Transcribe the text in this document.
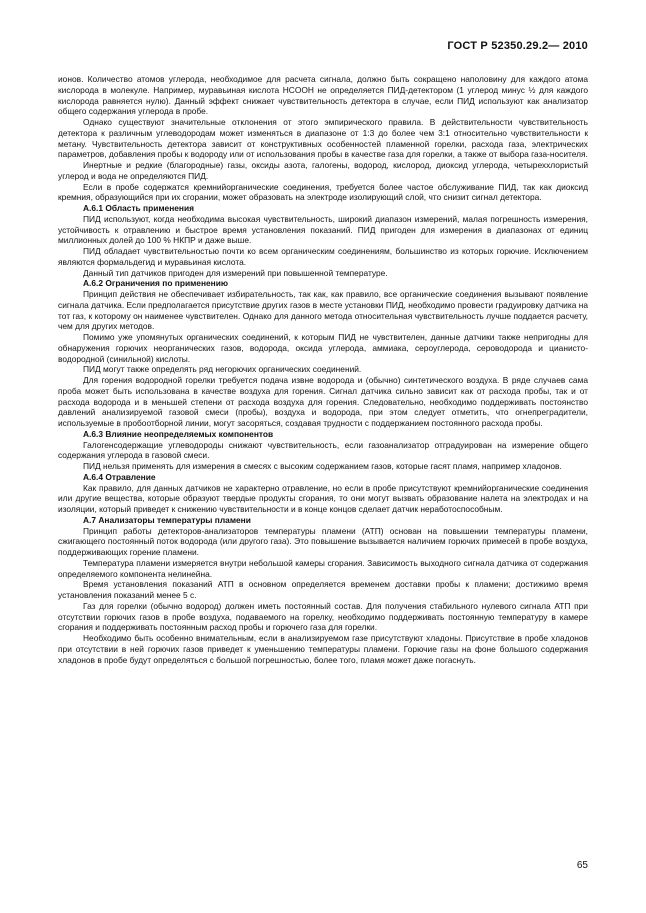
ГОСТ Р 52350.29.2— 2010

ионов. Количество атомов углерода, необходимое для расчета сигнала, должно быть сокращено наполовину для каждого атома кислорода в молекуле. Например, муравьиная кислота HCOOH не определяется ПИД-детектором (1 углерод минус ½ для каждого кислорода равняется нулю). Данный эффект снижает чувствительность детектора в случае, если ПИД используют как анализатор общего содержания углерода в пробе.

Однако существуют значительные отклонения от этого эмпирического правила. В действительности чувствительность детектора к различным углеводородам может изменяться в диапазоне от 1:3 до более чем 3:1 относительно чувствительности к метану. Чувствительность детектора зависит от конструктивных особенностей пламенной горелки, расхода газа, электрических параметров, добавления пробы к водороду или от использования пробы в качестве газа для горелки, а также от выбора газа-носителя.

Инертные и редкие (благородные) газы, оксиды азота, галогены, водород, кислород, диоксид углерода, четыреххлористый углерод и вода не определяются ПИД.

Если в пробе содержатся кремнийорганические соединения, требуется более частое обслуживание ПИД, так как диоксид кремния, образующийся при их сгорании, может образовать на электроде изолирующий слой, что снизит сигнал детектора.

А.6.1 Область применения

ПИД используют, когда необходима высокая чувствительность, широкий диапазон измерений, малая погрешность измерения, устойчивость к отравлению и быстрое время установления показаний. ПИД пригоден для измерения в диапазонах от единиц миллионных долей до 100 % НКПР и даже выше.

ПИД обладает чувствительностью почти ко всем органическим соединениям, большинство из которых горючие. Исключением являются формальдегид и муравьиная кислота.

Данный тип датчиков пригоден для измерений при повышенной температуре.

А.6.2 Ограничения по применению

Принцип действия не обеспечивает избирательность, так как, как правило, все органические соединения вызывают появление сигнала датчика. Если предполагается присутствие других газов в месте установки ПИД, необходимо провести градуировку датчика на тот газ, к которому он наименее чувствителен. Однако для данного метода относительная чувствительность лучше поддается расчету, чем для других методов.

Помимо уже упомянутых органических соединений, к которым ПИД не чувствителен, данные датчики также непригодны для обнаружения горючих неорганических газов, водорода, оксида углерода, аммиака, сероуглерода, сероводорода и цианисто-водородной (синильной) кислоты.

ПИД могут также определять ряд негорючих органических соединений.

Для горения водородной горелки требуется подача извне водорода и (обычно) синтетического воздуха. В ряде случаев сама проба может быть использована в качестве воздуха для горения. Сигнал датчика сильно зависит как от расхода пробы, так и от расхода водорода и в меньшей степени от расхода воздуха для горения. Следовательно, необходимо поддерживать постоянство давлений анализируемой газовой смеси (пробы), воздуха и водорода, при этом следует отметить, что огнепреградители, используемые в пробоотборной линии, могут засоряться, создавая трудности с поддержанием постоянного расхода пробы.

А.6.3 Влияние неопределяемых компонентов

Галогенсодержащие углеводороды снижают чувствительность, если газоанализатор отградуирован на измерение общего содержания углерода в газовой смеси.

ПИД нельзя применять для измерения в смесях с высоким содержанием газов, которые гасят пламя, например хладонов.

А.6.4 Отравление

Как правило, для данных датчиков не характерно отравление, но если в пробе присутствуют кремнийорганические соединения или другие вещества, которые образуют твердые продукты сгорания, то они могут вызвать образование налета на электродах и на изоляции, который приведет к снижению чувствительности и в конце концов сделает датчик неработоспособным.

А.7 Анализаторы температуры пламени

Принцип работы детекторов-анализаторов температуры пламени (АТП) основан на повышении температуры пламени, сжигающего постоянный поток водорода (или другого газа). Это повышение вызывается наличием горючих примесей в пробе воздуха, поддерживающих горение пламени.

Температура пламени измеряется внутри небольшой камеры сгорания. Зависимость выходного сигнала датчика от содержания определяемого компонента нелинейна.

Время установления показаний АТП в основном определяется временем доставки пробы к пламени; достижимо время установления показаний менее 5 с.

Газ для горелки (обычно водород) должен иметь постоянный состав. Для получения стабильного нулевого сигнала АТП при отсутствии горючих газов в пробе воздуха, подаваемого на горелку, необходимо поддерживать постоянную температуру в камере сгорания и поддерживать постоянным расход пробы и горючего газа для горелки.

Необходимо быть особенно внимательным, если в анализируемом газе присутствуют хладоны. Присутствие в пробе хладонов при отсутствии в ней горючих газов приведет к уменьшению температуры пламени. Горючие газы на фоне большого содержания хладонов в пробе будут определяться с большой погрешностью, более того, пламя может даже погаснуть.

65
